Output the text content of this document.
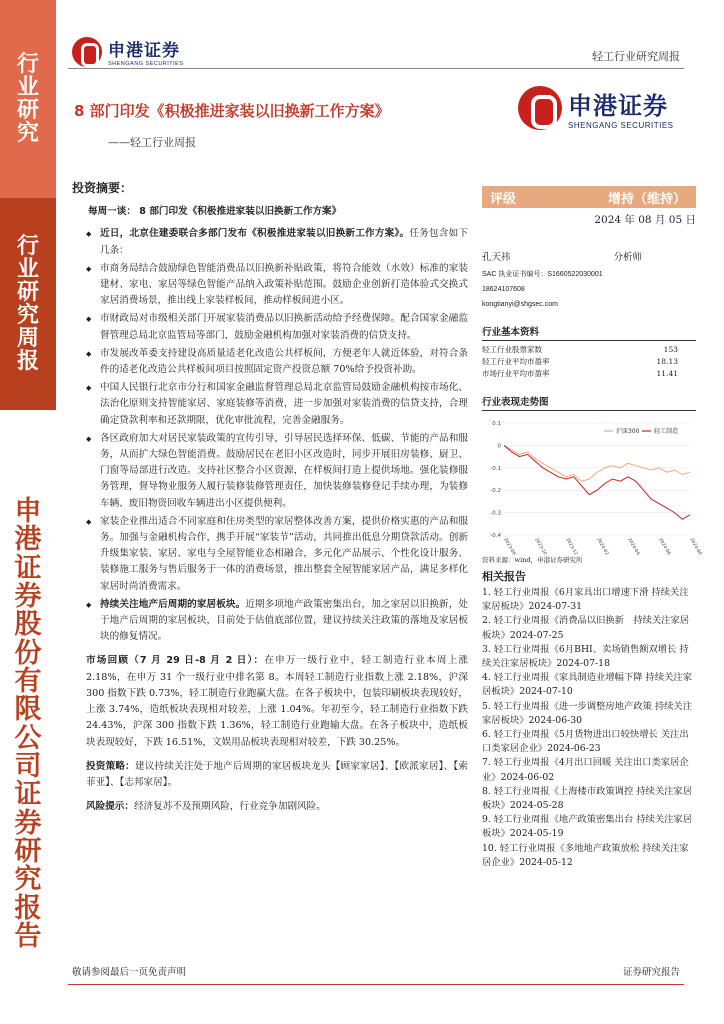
行
业
研
究
行
业
研
究
周
报
申
港
证
券
股
份
有
限
公
司
证
券
研
究
报
告
申港证券
SHENGANG SECURITIES
轻工行业研究周报
8 部门印发《积极推进家装以旧换新工作方案》
——轻工行业周报
申港证券
SHENGANG SECURITIES
投资摘要：
每周一谈： 8 部门印发《积极推进家装以旧换新工作方案》
◆ 近日，北京住建委联合多部门发布《积极推进家装以旧换新工作方案》。任务包含如下几条：
◆ 市商务局结合鼓励绿色智能消费品以旧换新补贴政策，将符合能效（水效）标准的家装建材、家电、家居等绿色智能产品纳入政策补贴范围。鼓励企业创新打造体验式交换式家居消费场景，推出线上家装样板间，推动样板间进小区。
◆ 市财政局对市级相关部门开展家装消费品以旧换新活动给予经费保障。配合国家金融监督管理总局北京监管局等部门，鼓励金融机构加强对家装消费的信贷支持。
◆ 市发展改革委支持建设高质量适老化改造公共样板间，方便老年人就近体验，对符合条件的适老化改造公共样板间项目按照固定资产投资总额 70%给予投资补助。
◆ 中国人民银行北京市分行和国家金融监督管理总局北京监管局鼓励金融机构按市场化、法治化原则支持智能家居、家庭装修等消费，进一步加强对家装消费的信贷支持，合理确定贷款利率和还款期限，优化审批流程，完善金融服务。
◆ 各区政府加大对居民家装政策的宣传引导，引导居民选择环保、低碳、节能的产品和服务，从而扩大绿色智能消费。鼓励居民在老旧小区改造时，同步开展旧房装修、厨卫、门窗等局部进行改造。支持社区整合小区资源，在样板间打造上提供场地。强化装修服务管理，督导物业服务人履行装修装修管理责任，加快装修装修登记手续办理，为装修车辆、废旧物资回收车辆进出小区提供便利。
◆ 家装企业推出适合不同家庭和住房类型的家居整体改善方案，提供价格实惠的产品和服务。加强与金融机构合作，携手开展“家装节”活动，共同推出低息分期贷款活动。创新升级集家装、家居、家电与全屋智能业态相融合，多元化产品展示、个性化设计服务、装修施工服务与售后服务于一体的消费场景，推出整套全屋智能家居产品，满足多样化家居时尚消费需求。
◆ 持续关注地产后周期的家居板块。近期多项地产政策密集出台，加之家居以旧换新，处于地产后周期的家居板块，目前处于估值底部位置，建议持续关注政策的落地及家居板块的修复情况。

市场回顾（7 月 29 日-8 月 2 日）：在申万一级行业中，轻工制造行业本周上涨 2.18%，在申万 31 个一级行业中排名第 8。本周轻工制造行业指数上涨 2.18%，沪深 300 指数下跌 0.73%，轻工制造行业跑赢大盘。在各子板块中，包装印刷板块表现较好，上涨 3.74%，造纸板块表现相对较差，上涨 1.04%。年初至今，轻工制造行业指数下跌 24.43%，沪深 300 指数下跌 1.36%，轻工制造行业跑输大盘。在各子板块中，造纸板块表现较好，下跌 16.51%，文娱用品板块表现相对较差，下跌 30.25%。

投资策略：建议持续关注处于地产后周期的家居板块龙头【顾家家居】、【欧派家居】、【索菲亚】、【志邦家居】。

风险提示：经济复苏不及预期风险，行业竞争加剧风险。

评级	增持（维持）
2024 年 08 月 05 日
孔天祎	分析师
SAC 执业证书编号：S1660522030001
18624107608
kongtianyi@shgsec.com
行业基本资料
轻工行业股票家数	153
轻工行业平均市盈率	18.13
市场行业平均市盈率	11.41
行业表现走势图
沪深300 轻工制造
0.1
0
-0.1
-0.2
-0.3
-0.4
2023-08	2023-10	2023-12	2024-02	2024-04	2024-06	2024-08
资料来源：wind，申港证券研究所
相关报告
1. 轻工行业周报《6月家具出口增速下滑 持续关注家居板块》2024-07-31
2. 轻工行业周报《消费品以旧换新　持续关注家居板块》2024-07-25
3. 轻工行业周报《6月BHI、卖场销售额双增长 持续关注家居板块》2024-07-18
4. 轻工行业周报《家具制造业增幅下降 持续关注家居板块》2024-07-10
5. 轻工行业周报《进一步调整房地产政策 持续关注家居板块》2024-06-30
6. 轻工行业周报《5月货物进出口较快增长 关注出口类家居企业》2024-06-23
7. 轻工行业周报《4月出口回暖 关注出口类家居企业》2024-06-02
8. 轻工行业周报《上海楼市政策调控 持续关注家居板块》2024-05-28
9. 轻工行业周报《地产政策密集出台 持续关注家居板块》2024-05-19
10. 轻工行业周报《多地地产政策放松 持续关注家居企业》2024-05-12
敬请参阅最后一页免责声明	证券研究报告
